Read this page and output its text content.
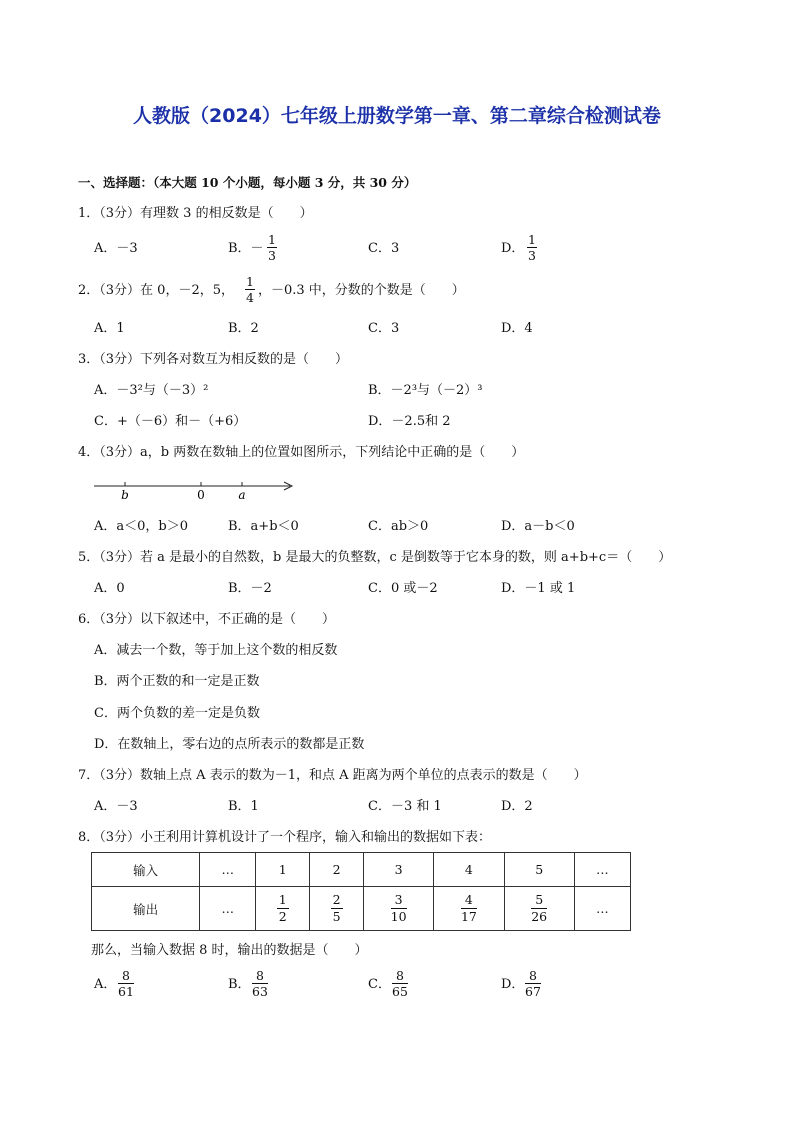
人教版（2024）七年级上册数学第一章、第二章综合检测试卷
一、选择题：（本大题 10 个小题，每小题 3 分，共 30 分）
1．（3分）有理数 3 的相反数是（　　）
A．－3	B．－ $\frac{1}{3}$	C．3	D． $\frac{1}{3}$
2．（3分）在 0，－2，5， $\frac{1}{4}$ ，－0.3 中，分数的个数是（　　）
A．1	B．2	C．3	D．4
3．（3分）下列各对数互为相反数的是（　　）
A．－3²与（－3）²	B．－2³与（－2）³
C．+（－6）和－（+6）	D．－2.5和 2
4．（3分）a，b 两数在数轴上的位置如图所示，下列结论中正确的是（　　）
b	0	a
A．a＜0，b＞0	B．a+b＜0	C．ab＞0	D．a－b＜0
5．（3分）若 a 是最小的自然数，b 是最大的负整数，c 是倒数等于它本身的数，则 a+b+c＝（　　）
A．0	B．－2	C．0 或－2	D．－1 或 1
6．（3分）以下叙述中，不正确的是（　　）
A．减去一个数，等于加上这个数的相反数
B．两个正数的和一定是正数
C．两个负数的差一定是负数
D．在数轴上，零右边的点所表示的数都是正数
7．（3分）数轴上点 A 表示的数为－1，和点 A 距离为两个单位的点表示的数是（　　）
A．－3	B．1	C．－3 和 1	D．2
8．（3分）小王利用计算机设计了一个程序，输入和输出的数据如下表：
输入	…	1	2	3	4	5	…
输出	…	$\frac{1}{2}$	$\frac{2}{5}$	$\frac{3}{10}$	$\frac{4}{17}$	$\frac{5}{26}$	…
那么，当输入数据 8 时，输出的数据是（　　）
A． $\frac{8}{61}$	B． $\frac{8}{63}$	C． $\frac{8}{65}$	D． $\frac{8}{67}$
